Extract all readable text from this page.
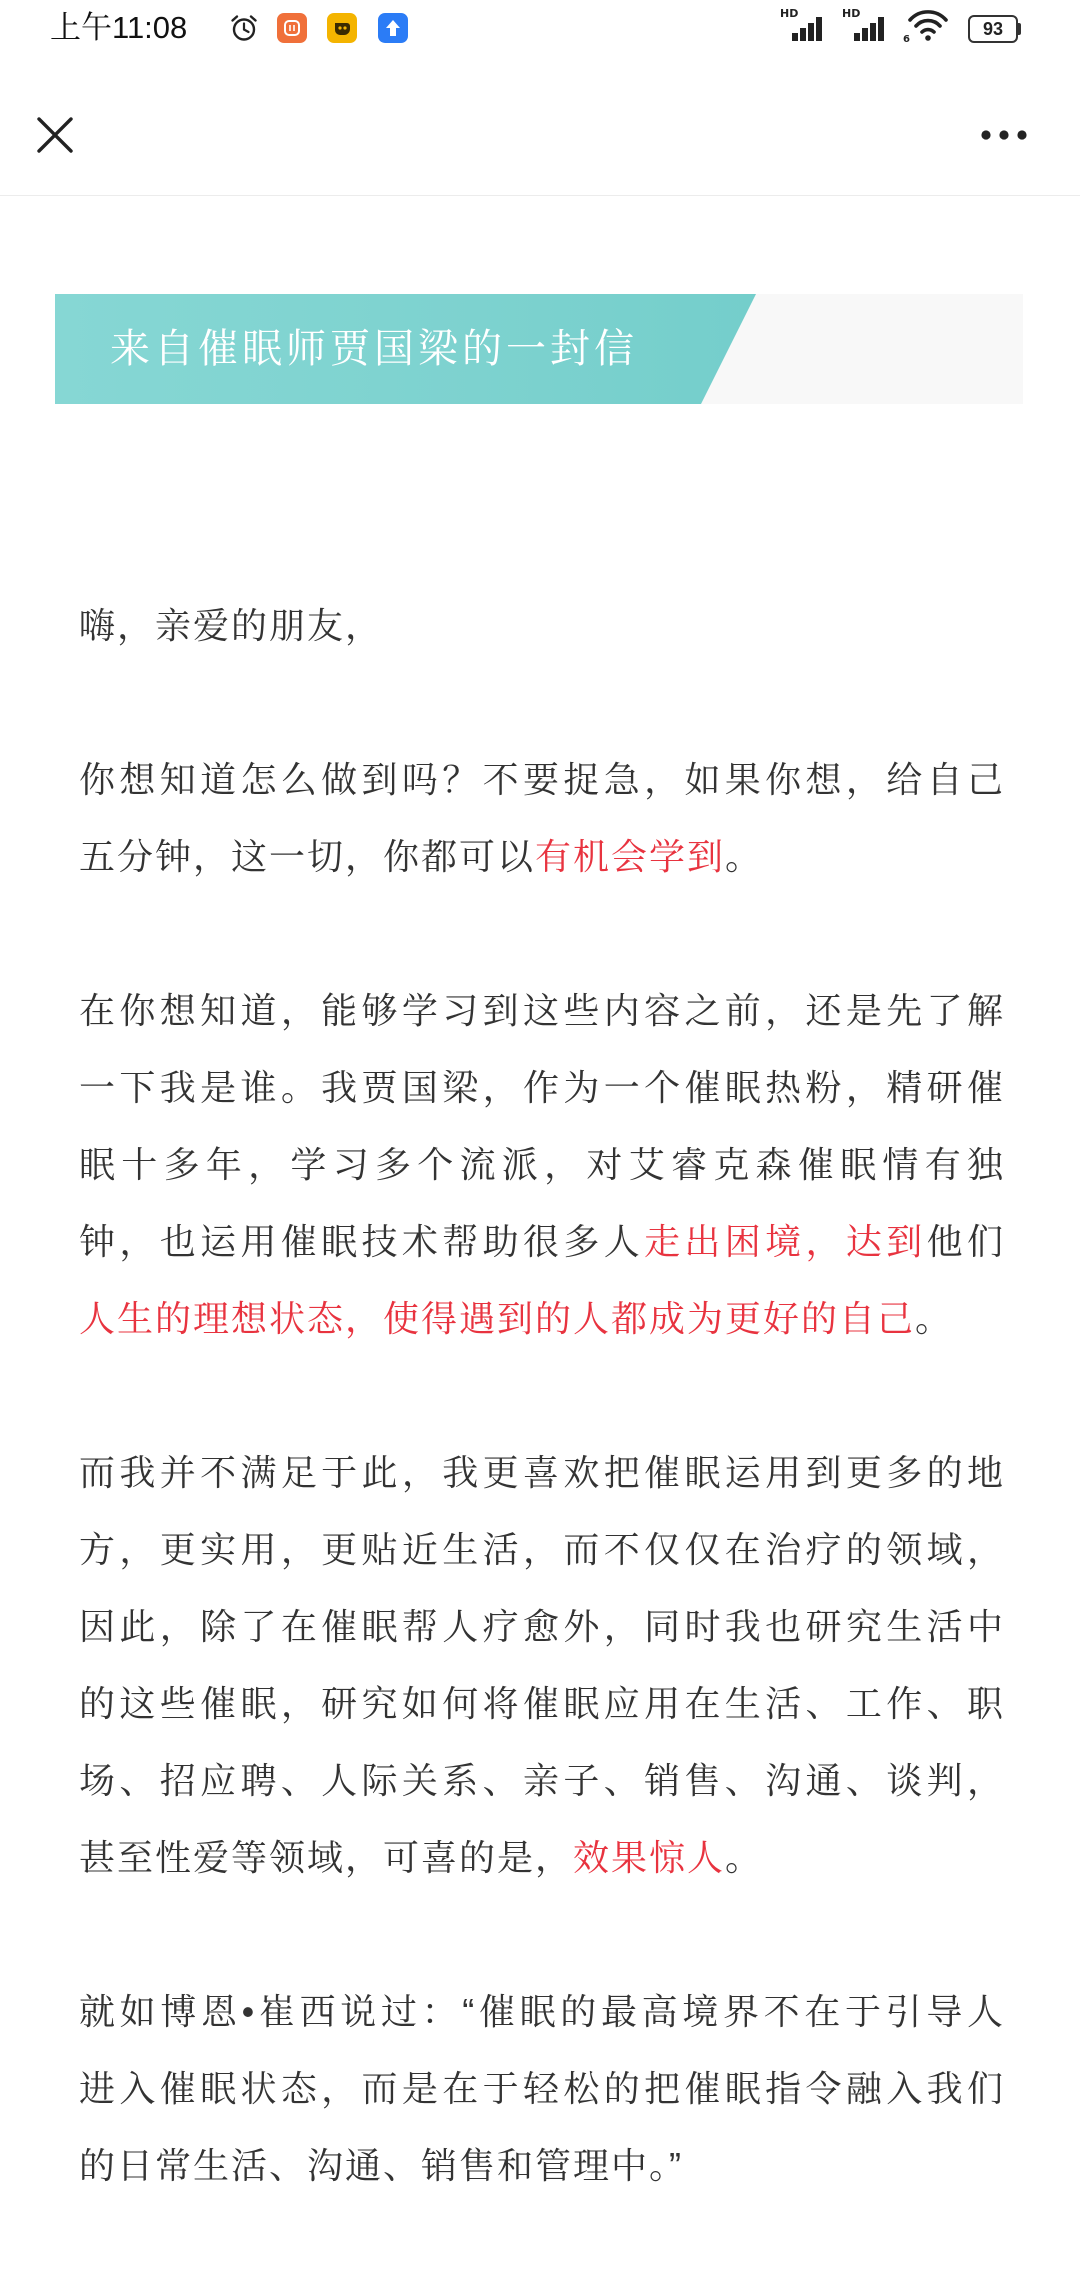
上午11:08	HD	HD
6
93
来自催眠师贾国梁的一封信
嗨，亲爱的朋友，
你想知道怎么做到吗？不要捉急，如果你想，给自己
五分钟，这一切，你都可以有机会学到。
在你想知道，能够学习到这些内容之前，还是先了解
一下我是谁。我贾国梁，作为一个催眠热粉，精研催
眠十多年，学习多个流派，对艾睿克森催眠情有独
钟，也运用催眠技术帮助很多人走出困境，达到他们
人生的理想状态，使得遇到的人都成为更好的自己。
而我并不满足于此，我更喜欢把催眠运用到更多的地
方，更实用，更贴近生活，而不仅仅在治疗的领域，
因此，除了在催眠帮人疗愈外，同时我也研究生活中
的这些催眠，研究如何将催眠应用在生活、工作、职
场、招应聘、人际关系、亲子、销售、沟通、谈判，
甚至性爱等领域，可喜的是，效果惊人。
就如博恩•崔西说过：“催眠的最高境界不在于引导人
进入催眠状态，而是在于轻松的把催眠指令融入我们
的日常生活、沟通、销售和管理中。”
